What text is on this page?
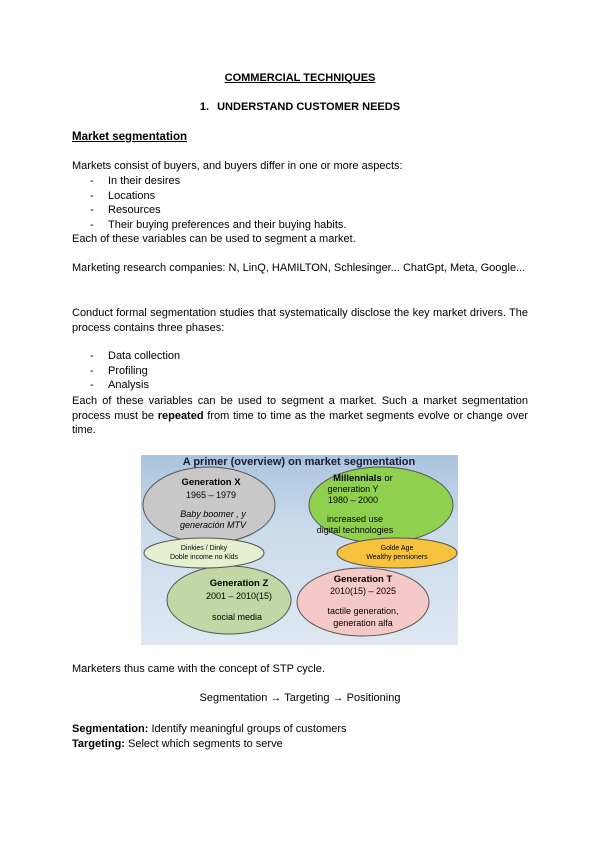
COMMERCIAL TECHNIQUES
1. UNDERSTAND CUSTOMER NEEDS
Market segmentation
Markets consist of buyers, and buyers differ in one or more aspects:
- In their desires
- Locations
- Resources
- Their buying preferences and their buying habits.
Each of these variables can be used to segment a market.
Marketing research companies: N, LinQ, HAMILTON, Schlesinger... ChatGpt, Meta, Google...
Conduct formal segmentation studies that systematically disclose the key market drivers. The process contains three phases:
- Data collection
- Profiling
- Analysis
Each of these variables can be used to segment a market. Such a market segmentation process must be repeated from time to time as the market segments evolve or change over time.
Marketers thus came with the concept of STP cycle.
Segmentation → Targeting → Positioning
Segmentation: Identify meaningful groups of customers
Targeting: Select which segments to serve
A primer (overview) on market segmentation
Generation X
1965 – 1979
Baby boomer , y
generación MTV
Millennials or
generation Y
1980 – 2000
increased use
digital technologies
Generation Z
2001 – 2010(15)
social media
Generation T
2010(15) – 2025
tactile generation,
generation alfa
Dinkies / Dinky
Doble income no Kids
Golde Age
Wealthy pensioners
